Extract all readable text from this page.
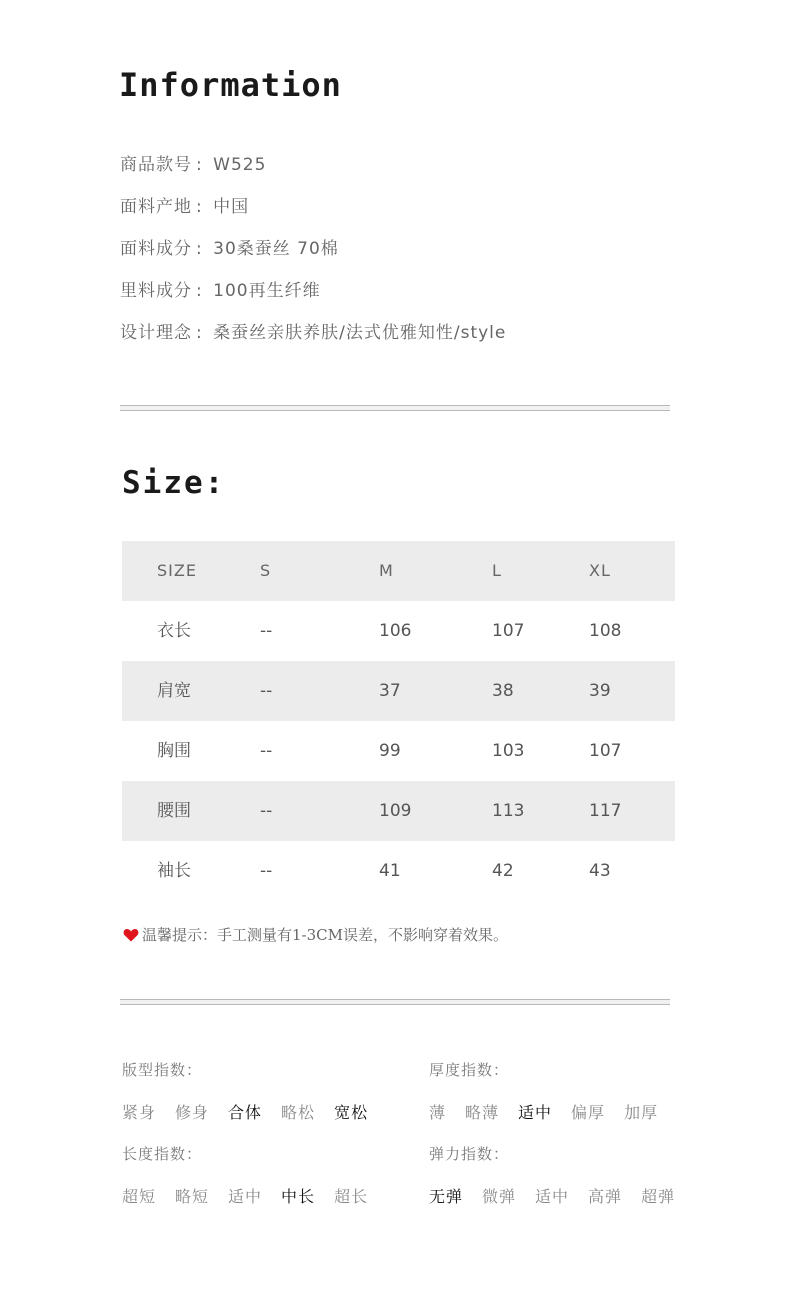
Information
商品款号 : W525
面料产地 : 中国
面料成分 : 30桑蚕丝 70棉
里料成分 : 100再生纤维
设计理念 : 桑蚕丝亲肤养肤/法式优雅知性/style
Size:
SIZE	S	M	L	XL
衣长	--	106	107	108
肩宽	--	37	38	39
胸围	--	99	103	107
腰围	--	109	113	117
袖长	--	41	42	43
温馨提示：手工测量有1-3CM误差，不影响穿着效果。
版型指数：
紧身 修身 合体 略松 宽松
厚度指数：
薄 略薄 适中 偏厚 加厚
长度指数：
超短 略短 适中 中长 超长
弹力指数：
无弹 微弹 适中 高弹 超弹
